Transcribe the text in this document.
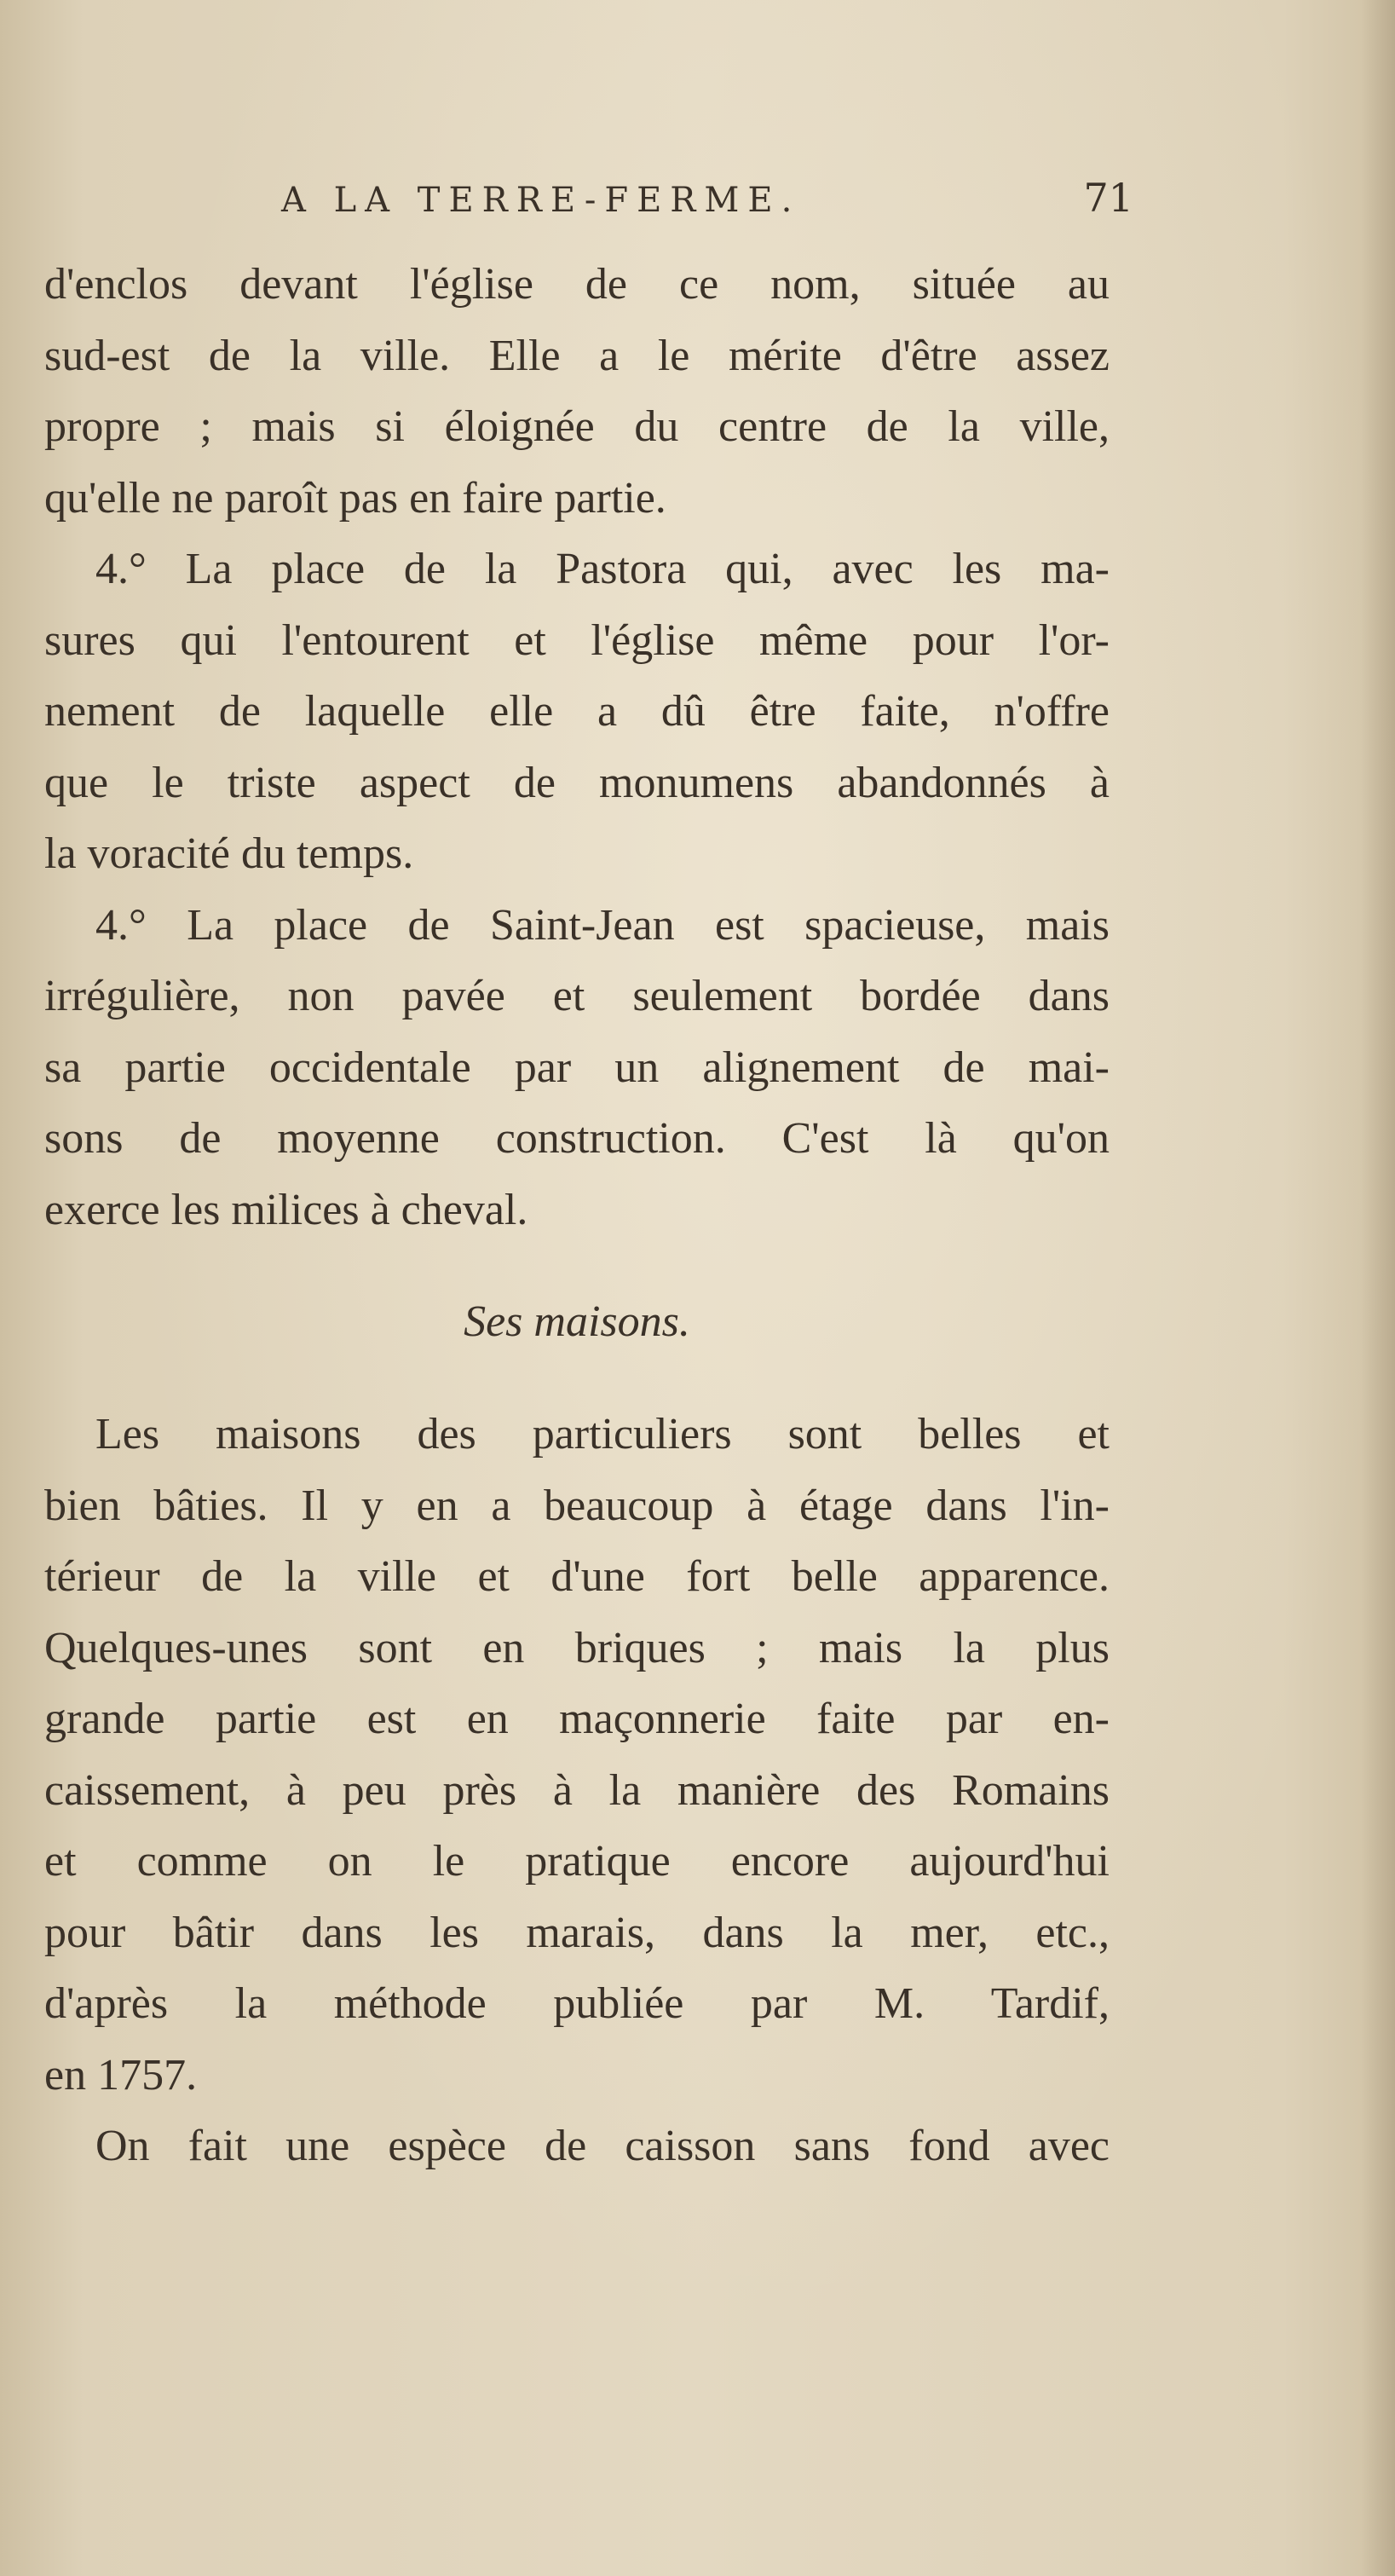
A LA TERRE-FERME.	71
d'enclos devant l'église de ce nom, située au
sud-est de la ville. Elle a le mérite d'être assez
propre ; mais si éloignée du centre de la ville,
qu'elle ne paroît pas en faire partie.
4.° La place de la Pastora qui, avec les ma-
sures qui l'entourent et l'église même pour l'or-
nement de laquelle elle a dû être faite, n'offre
que le triste aspect de monumens abandonnés à
la voracité du temps.
4.° La place de Saint-Jean est spacieuse, mais
irrégulière, non pavée et seulement bordée dans
sa partie occidentale par un alignement de mai-
sons de moyenne construction. C'est là qu'on
exerce les milices à cheval.
Ses maisons.
Les maisons des particuliers sont belles et
bien bâties. Il y en a beaucoup à étage dans l'in-
térieur de la ville et d'une fort belle apparence.
Quelques-unes sont en briques ; mais la plus
grande partie est en maçonnerie faite par en-
caissement, à peu près à la manière des Romains
et comme on le pratique encore aujourd'hui
pour bâtir dans les marais, dans la mer, etc.,
d'après la méthode publiée par M. Tardif,
en 1757.
On fait une espèce de caisson sans fond avec
